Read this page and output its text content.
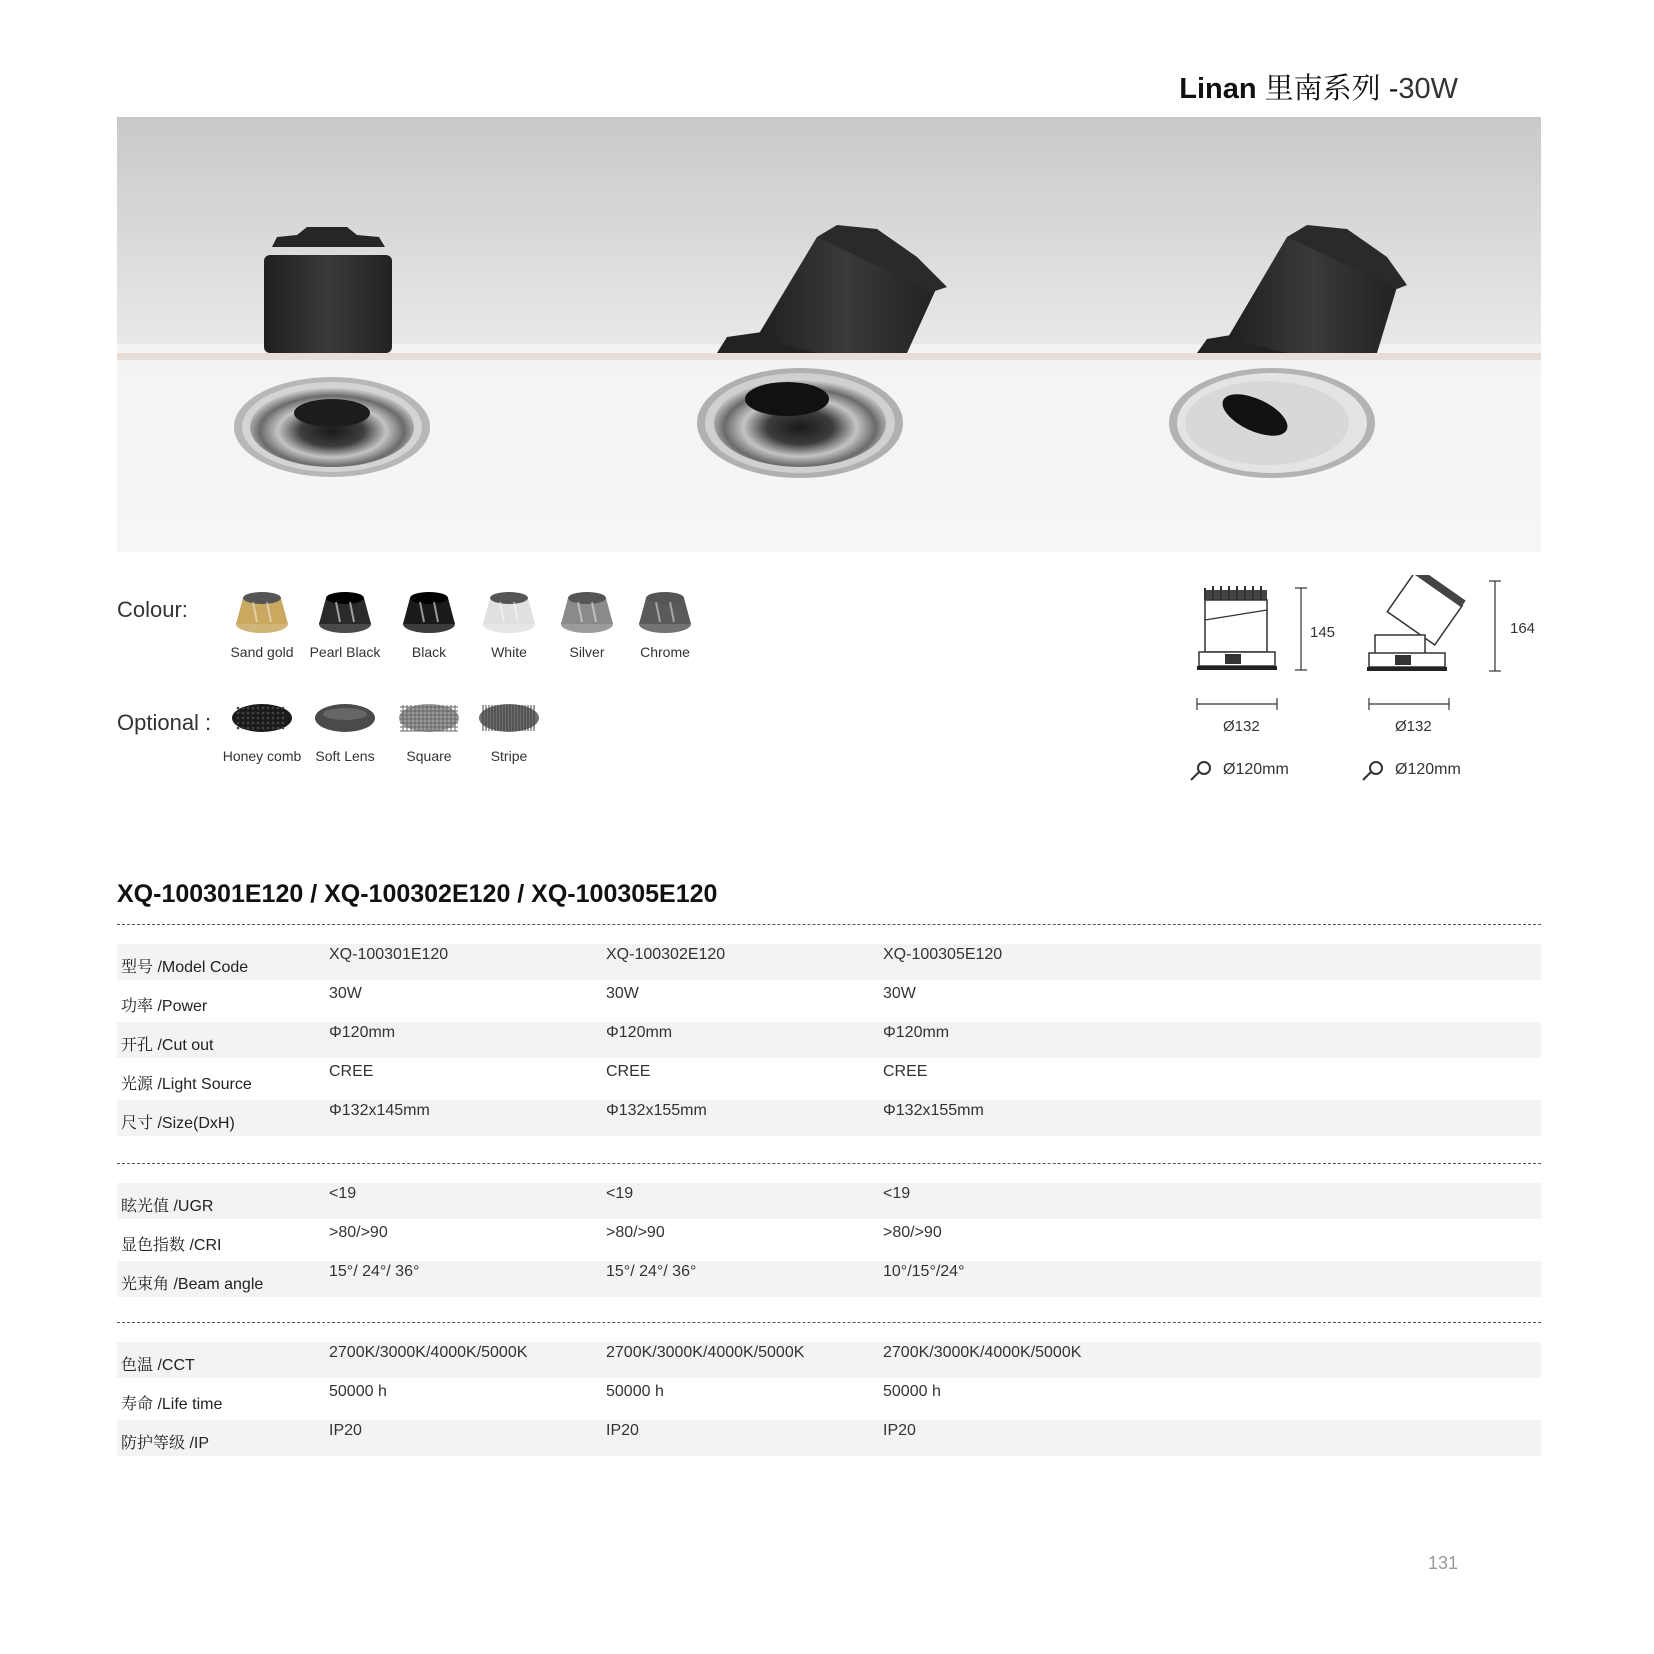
Linan 里南系列 -30W
Colour:
Sand gold	Pearl Black	Black	White	Silver	Chrome
Optional :
Honey comb	Soft Lens	Square	Stripe
145
Ø132
Ø120mm
164
Ø132
Ø120mm
XQ-100301E120 / XQ-100302E120 / XQ-100305E120
型号 /Model Code
XQ-100301E120	XQ-100302E120	XQ-100305E120
功率 /Power
30W	30W	30W
开孔 /Cut out
Φ120mm	Φ120mm	Φ120mm
光源 /Light Source
CREE	CREE	CREE
尺寸 /Size(DxH)
Φ132x145mm	Φ132x155mm	Φ132x155mm
眩光值 /UGR
<19	<19	<19
显色指数 /CRI
>80/>90	>80/>90	>80/>90
光束角 /Beam angle
15°/ 24°/ 36°	15°/ 24°/ 36°	10°/15°/24°
色温 /CCT
2700K/3000K/4000K/5000K	2700K/3000K/4000K/5000K	2700K/3000K/4000K/5000K
寿命 /Life time
50000 h	50000 h	50000 h
防护等级 /IP
IP20	IP20	IP20
131
